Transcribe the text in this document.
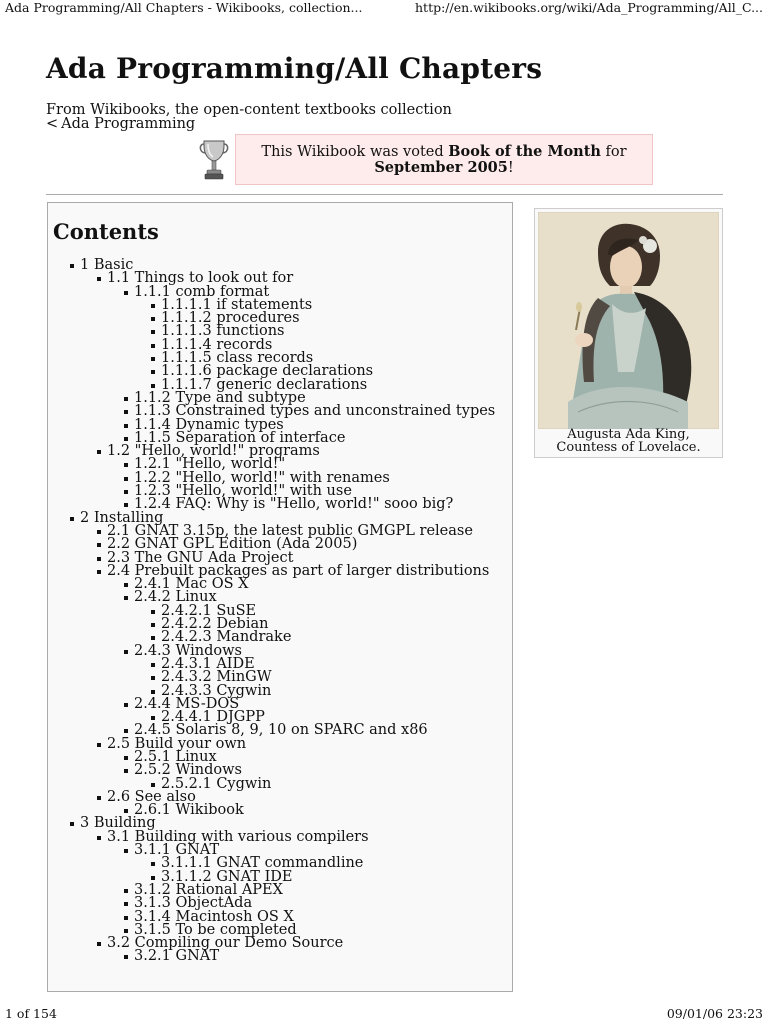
Ada Programming/All Chapters - Wikibooks, collection...	http://en.wikibooks.org/wiki/Ada_Programming/All_C...
Ada Programming/All Chapters
From Wikibooks, the open-content textbooks collection
< Ada Programming
This Wikibook was voted Book of the Month for
September 2005!
Contents
1 Basic
1.1 Things to look out for
1.1.1 comb format
1.1.1.1 if statements
1.1.1.2 procedures
1.1.1.3 functions
1.1.1.4 records
1.1.1.5 class records
1.1.1.6 package declarations
1.1.1.7 generic declarations
1.1.2 Type and subtype
1.1.3 Constrained types and unconstrained types
1.1.4 Dynamic types
1.1.5 Separation of interface
1.2 "Hello, world!" programs
1.2.1 "Hello, world!"
1.2.2 "Hello, world!" with renames
1.2.3 "Hello, world!" with use
1.2.4 FAQ: Why is "Hello, world!" sooo big?
2 Installing
2.1 GNAT 3.15p, the latest public GMGPL release
2.2 GNAT GPL Edition (Ada 2005)
2.3 The GNU Ada Project
2.4 Prebuilt packages as part of larger distributions
2.4.1 Mac OS X
2.4.2 Linux
2.4.2.1 SuSE
2.4.2.2 Debian
2.4.2.3 Mandrake
2.4.3 Windows
2.4.3.1 AIDE
2.4.3.2 MinGW
2.4.3.3 Cygwin
2.4.4 MS-DOS
2.4.4.1 DJGPP
2.4.5 Solaris 8, 9, 10 on SPARC and x86
2.5 Build your own
2.5.1 Linux
2.5.2 Windows
2.5.2.1 Cygwin
2.6 See also
2.6.1 Wikibook
3 Building
3.1 Building with various compilers
3.1.1 GNAT
3.1.1.1 GNAT commandline
3.1.1.2 GNAT IDE
3.1.2 Rational APEX
3.1.3 ObjectAda
3.1.4 Macintosh OS X
3.1.5 To be completed
3.2 Compiling our Demo Source
3.2.1 GNAT
Augusta Ada King,
Countess of Lovelace.
1 of 154	09/01/06 23:23
